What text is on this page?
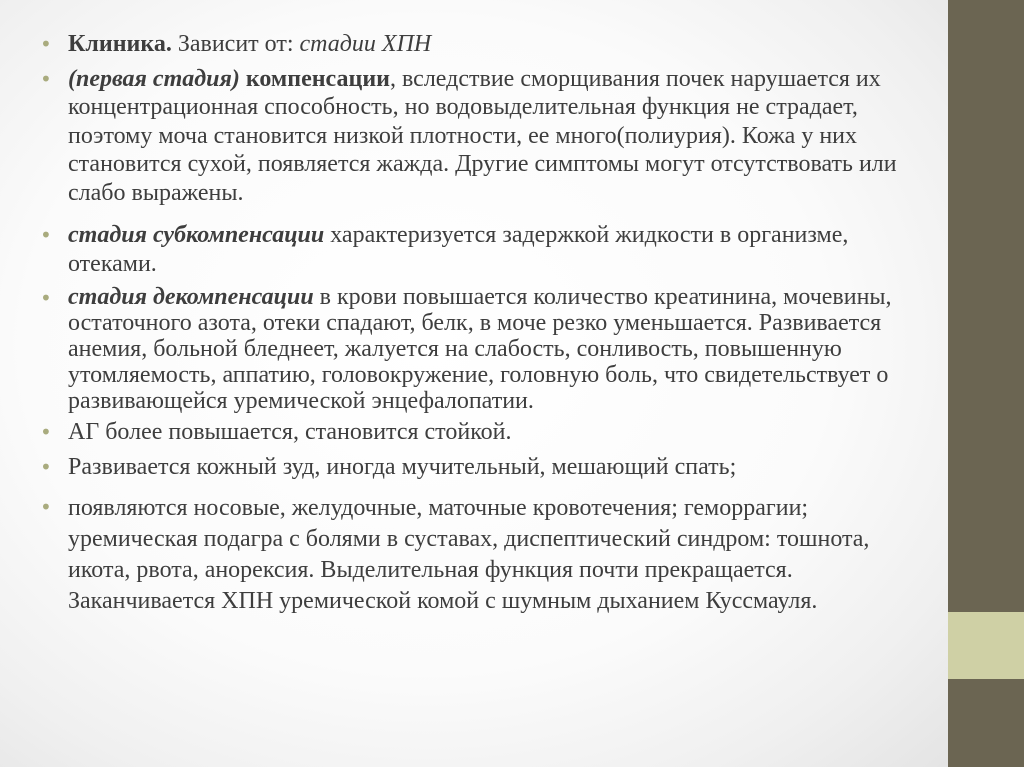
• Клиника. Зависит от: стадии ХПН
• (первая стадия) компенсации, вследствие сморщивания почек нарушается их концентрационная способность, но водовыделительная функция не страдает, поэтому моча становится низкой плотности, ее много(полиурия). Кожа у них становится сухой, появляется жажда. Другие симптомы могут отсутствовать или слабо выражены.
• стадия субкомпенсации характеризуется задержкой жидкости в организме, отеками.
• стадия декомпенсации в крови повышается количество креатинина, мочевины, остаточного азота, отеки спадают, белк, в моче резко уменьшается. Развивается анемия, больной бледнеет, жалуется на слабость, сонливость, повышенную утомляемость, аппатию, головокружение, головную боль, что свидетельствует о развивающейся уремической энцефалопатии.
• АГ более повышается, становится стойкой.
• Развивается кожный зуд, иногда мучительный, мешающий спать;
• появляются носовые, желудочные, маточные кровотечения; геморрагии; уремическая подагра с болями в суставах, диспептический синдром: тошнота, икота, рвота, анорексия. Выделительная функция почти прекращается. Заканчивается ХПН уремической комой с шумным дыханием Куссмауля.
